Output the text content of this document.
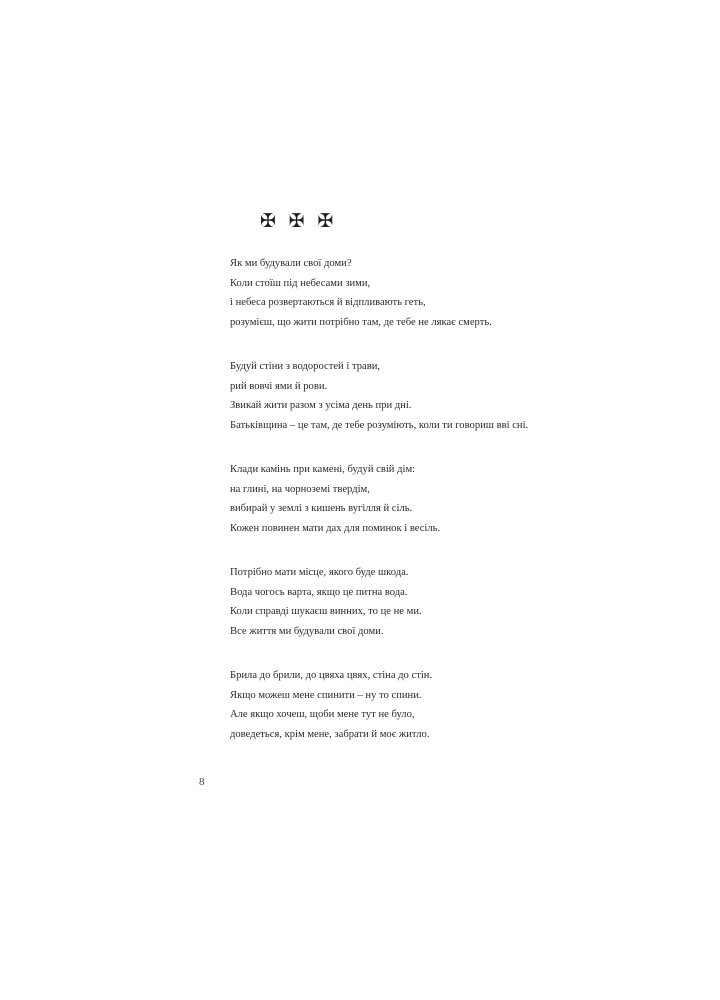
✠ ✠ ✠
Як ми будували свої доми?
Коли стоїш під небесами зими,
і небеса розвертаються й відпливають геть,
розумієш, що жити потрібно там, де тебе не лякає смерть.
Будуй стіни з водоростей і трави,
рий вовчі ями й рови.
Звикай жити разом з усіма день при дні.
Батьківщина – це там, де тебе розуміють, коли ти говориш вві сні.
Клади камінь при камені, будуй свій дім:
на глині, на чорноземі твердім,
вибирай у землі з кишень вугілля й сіль.
Кожен повинен мати дах для поминок і весіль.
Потрібно мати місце, якого буде шкода.
Вода чогось варта, якщо це питна вода.
Коли справді шукаєш винних, то це не ми.
Все життя ми будували свої доми.
Брила до брили, до цвяха цвях, стіна до стін.
Якщо можеш мене спинити – ну то спини.
Але якщо хочеш, щоби мене тут не було,
доведеться, крім мене, забрати й моє житло.
8
